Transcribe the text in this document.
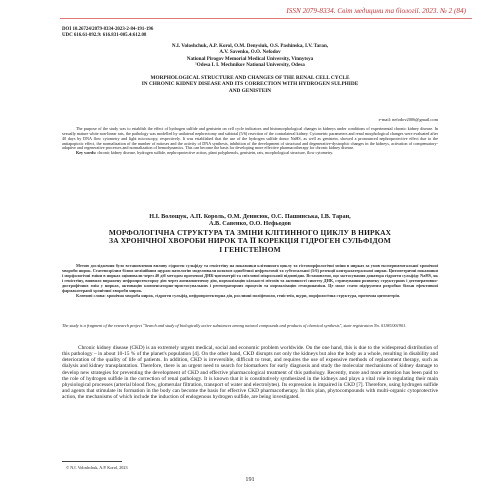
ISSN 2079-8334. Світ медицини та біології. 2023. № 2 (84)
DOI 10.26724/2079-8334-2023-2-84-191-196
UDC 616.61-092.9: 616.831-005.4:612.08
N.I. Voloshchuk, A.P. Korol, O.M. Denysiuk, O.S. Pashinska, I.V. Taran,
A.V. Savenko, O.O. Nefodov
National Pirogov Memorial Medical University, Vinnytsya
¹Odesa I. I. Mechnikov National University, Odesa
MORPHOLOGICAL STRUCTURE AND CHANGES OF THE RENAL CELL CYCLE
IN CHRONIC KIDNEY DISEASE AND ITS CORRECTION WITH HYDROGEN SULPHIDE
AND GENISTEIN
e-mail: nefodov2006@gmail.com
The purpose of the study was to establish the effect of hydrogen sulfide and genistein on cell cycle indicators and histomorphological changes in kidneys under conditions of experimental chronic kidney disease. In sexually mature white non-linear rats, the pathology was modelled by unilateral nephrectomy and subtotal (5/6) resection of the contralateral kidney. Cytometric parameters and renal morphological changes were evaluated after 40 days by DNA flow cytometry and light microscopy, respectively. It was established that the use of the hydrogen sulfide donor NaHS, as well as genistein, showed a pronounced nephroprotective effect due to the antiapoptotic effect, the normalization of the number of mitoses and the activity of DNA synthesis, inhibition of the development of structural and degenerative-dystrophic changes in the kidneys, activation of compensatory-adaptive and regenerative processes and normalization of hemodynamics. This can become the basis for developing more effective pharmacotherapy for chronic kidney disease.
Key words: chronic kidney disease, hydrogen sulfide, nephroprotective action, plant polyphenols, genistein, rats, morphological structure, flow cytometry.
Н.І. Волощук, А.П. Король, О.М. Денисюк, О.С. Пашинська, І.В. Таран,
А.В. Савенко, О.О. Нефьодов
МОРФОЛОГІЧНА СТРУКТУРА ТА ЗМІНИ КЛІТИННОГО ЦИКЛУ В НИРКАХ
ЗА ХРОНІЧНОЇ ХВОРОБИ НИРОК ТА ЇЇ КОРЕКЦІЯ ГІДРОГЕН СУЛЬФІДОМ
І ГЕНІСТЕЇНОМ
Метою дослідження було встановлення впливу гідроген сульфіду та геністеїну на показники клітинного циклу та гістоморфологічні зміни в нирках за умов експериментальної хронічної хвороби нирок. Статевозрілим білим нелінійним щурам патологію моделювали шляхом однобічної нефректомії та субтотальної (5/6) резекції контралатеральної нирки. Цитометричні показники і морфологічні зміни в нирках оцінювали через 40 діб методом проточної ДНК-цитометрії та світлової мікроскопії відповідно. Встановлено, що застосування донатора гідроген сульфіду NaHS, як і геністеїну, виявило виражену нефропротекторну дію через антиапоптичну дію, нормалізацію кількості мітозів та активності синтезу ДНК, стримування розвитку структурних і дегенеративно-дистрофічних змін у нирках, активацію компенсаторно-пристосувальних і регенераторних процесів та нормалізацію гемодинаміки. Це може стати підґрунтям розробки більш ефективної фармакотерапії хронічної хвороби нирок.
Ключові слова: хронічна хвороба нирок, гідроген сульфід, нефропротекторна дія, рослинні поліфеноли, геністеїн, щури, морфологічна структура, проточна цитометрія.
The study is a fragment of the research project "Search and study of biologically active substances among natural compounds and products of chemical synthesis", state registration No. 0118U001901.
Chronic kidney disease (CKD) is an extremely urgent medical, social and economic problem worldwide. On the one hand, this is due to the widespread distribution of this pathology – in about 10-15 % of the planet's population [4]. On the other hand, CKD disrupts not only the kidneys but also the body as a whole, resulting in disability and deterioration of the quality of life of patients. In addition, CKD is irreversible, difficult to treat, and requires the use of expensive methods of replacement therapy, such as dialysis and kidney transplantation. Therefore, there is an urgent need to search for biomarkers for early diagnosis and study the molecular mechanisms of kidney damage to develop new strategies for preventing the development of CKD and effective pharmacological treatment of this pathology. Recently, more and more attention has been paid to the role of hydrogen sulfide in the correction of renal pathology. It is known that it is constitutively synthesized in the kidneys and plays a vital role in regulating their main physiological processes (arterial blood flow, glomerular filtration, transport of water and electrolytes). Its expression is impaired in CKD [7]. Therefore, using hydrogen sulfide and agents that stimulate its formation in the body can become the basis for effective CKD pharmacotherapy. In this plan, phytocompounds with multi-organic cytoprotective action, the mechanisms of which include the induction of endogenous hydrogen sulfide, are being investigated.
© N.I. Voloshchuk, A.P. Korol, 2023
191
